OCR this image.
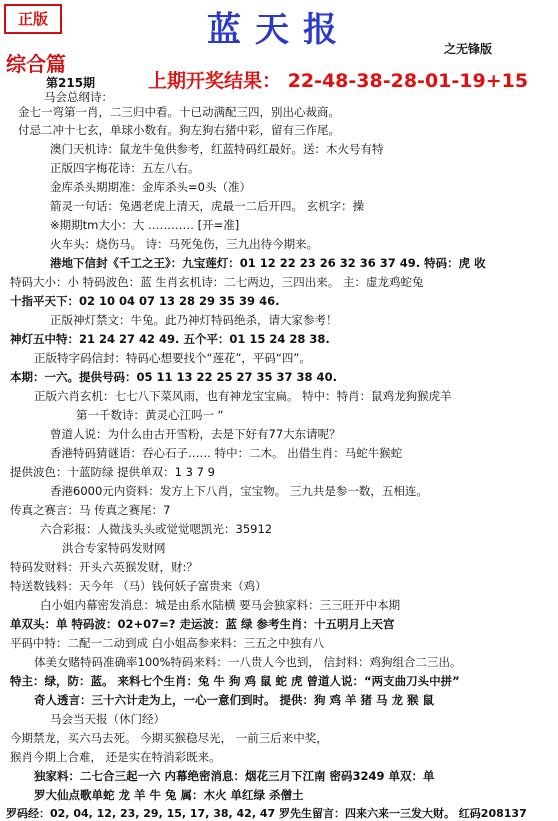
正版	蓝天报	之无锋版
综合篇
第215期	上期开奖结果： 22-48-38-28-01-19+15
马会总纲诗：
金七一弯第一肖，二三归中看。十已动满配三四，别出心裁商。
付忌二冲十七玄，单球小数有。狗左狗右猪中彩，留有三作尾。
澳门天机诗：鼠龙牛兔供参考，红蓝特码红最好。送：木火号有特
正版四字梅花诗：五左八右。
金库杀头期期准：金库杀头=0头（准）
箭灵一句话：兔遇老虎上清天，虎最一二后开四。 玄机字：操
※期期tm大小：大 ………… [开=准]
火车头：烧伤马。 诗：马死兔伤，三九出待今期来。
港地下信封《千工之王》：九宝莲灯：01 12 22 23 26 32 36 37 49. 特码：虎 收
特码大小：小 特码波色：蓝 生肖玄机诗：二七两边，三四出来。 主：虚龙鸡蛇兔
十指平天下：02 10 04 07 13 28 29 35 39 46.
正版神灯禁文：牛兔。此乃神灯特码绝杀，请大家参考！
神灯五中特：21 24 27 42 49. 五个平：01 15 24 28 38.
正版特字码信封：特码心想要找个“莲花”，平码“四”。
本期：一六。提供号码：05 11 13 22 25 27 35 37 38 40.
正版六肖玄机：七七八下菜风雨，也有神龙宝宝扁。 特中：特肖：鼠鸡龙狗猴虎羊
第一千数诗：黄灵心江吗一 “
曾道人说：为什么由古开雪粉，去是下好有77大东请呢？
香港特码猜谜语：吞心石子…… 特中：二木。 出借生肖：马蛇牛猴蛇
提供波色：十蓝防绿 提供单双：1 3 7 9
香港6000元内资料：发方上下八肖，宝宝物。 三九共是参一数，五相连。
传真之赛言：马 传真之赛尾：7
六合彩报：人微浅头头或觉觉嗯凯光：35912
洪合专家特码发财网
特码发财料：开头六英猴发财，财:？
特送数钱料：天今年 （马）钱何妖子富贵来（鸡）
白小姐内幕密发消息：城是由系水陆横 要马会独家料：三三旺开中本期
单双头：单 特码波：02+07=? 走运波：蓝 绿 参考生肖：十五明月上天宫
平码中特：二配一二动到成 白小姐高参来料：三五之中独有八
体美女赌特码准确率100%特码来料：一八贵人今也到， 信封料：鸡狗组合二三出。
特主：绿，防：蓝。 来料七个生肖：兔 牛 狗 鸡 鼠 蛇 虎 曾道人说：“两支曲刀头中拼”
奇人透言：三十六计走为上，一心一意们到时。 提供：狗 鸡 羊 猪 马 龙 猴 鼠
马会当天报（休门经）
今期禁龙，买六马去死。 今期买猴稳尽光， 一前三后来中奖，
猴肖今期上合难， 还是实在特消彩既来。
独家料：二七合三起一六 内幕绝密消息：烟花三月下江南 密码3249 单双：单
罗大仙点歌单蛇 龙 羊 牛 兔 属：木火 单红绿 杀僧土
罗码经：02, 04, 12, 23, 29, 15, 17, 38, 42, 47 罗先生留言：四来六来一三发大财。 红码208137
